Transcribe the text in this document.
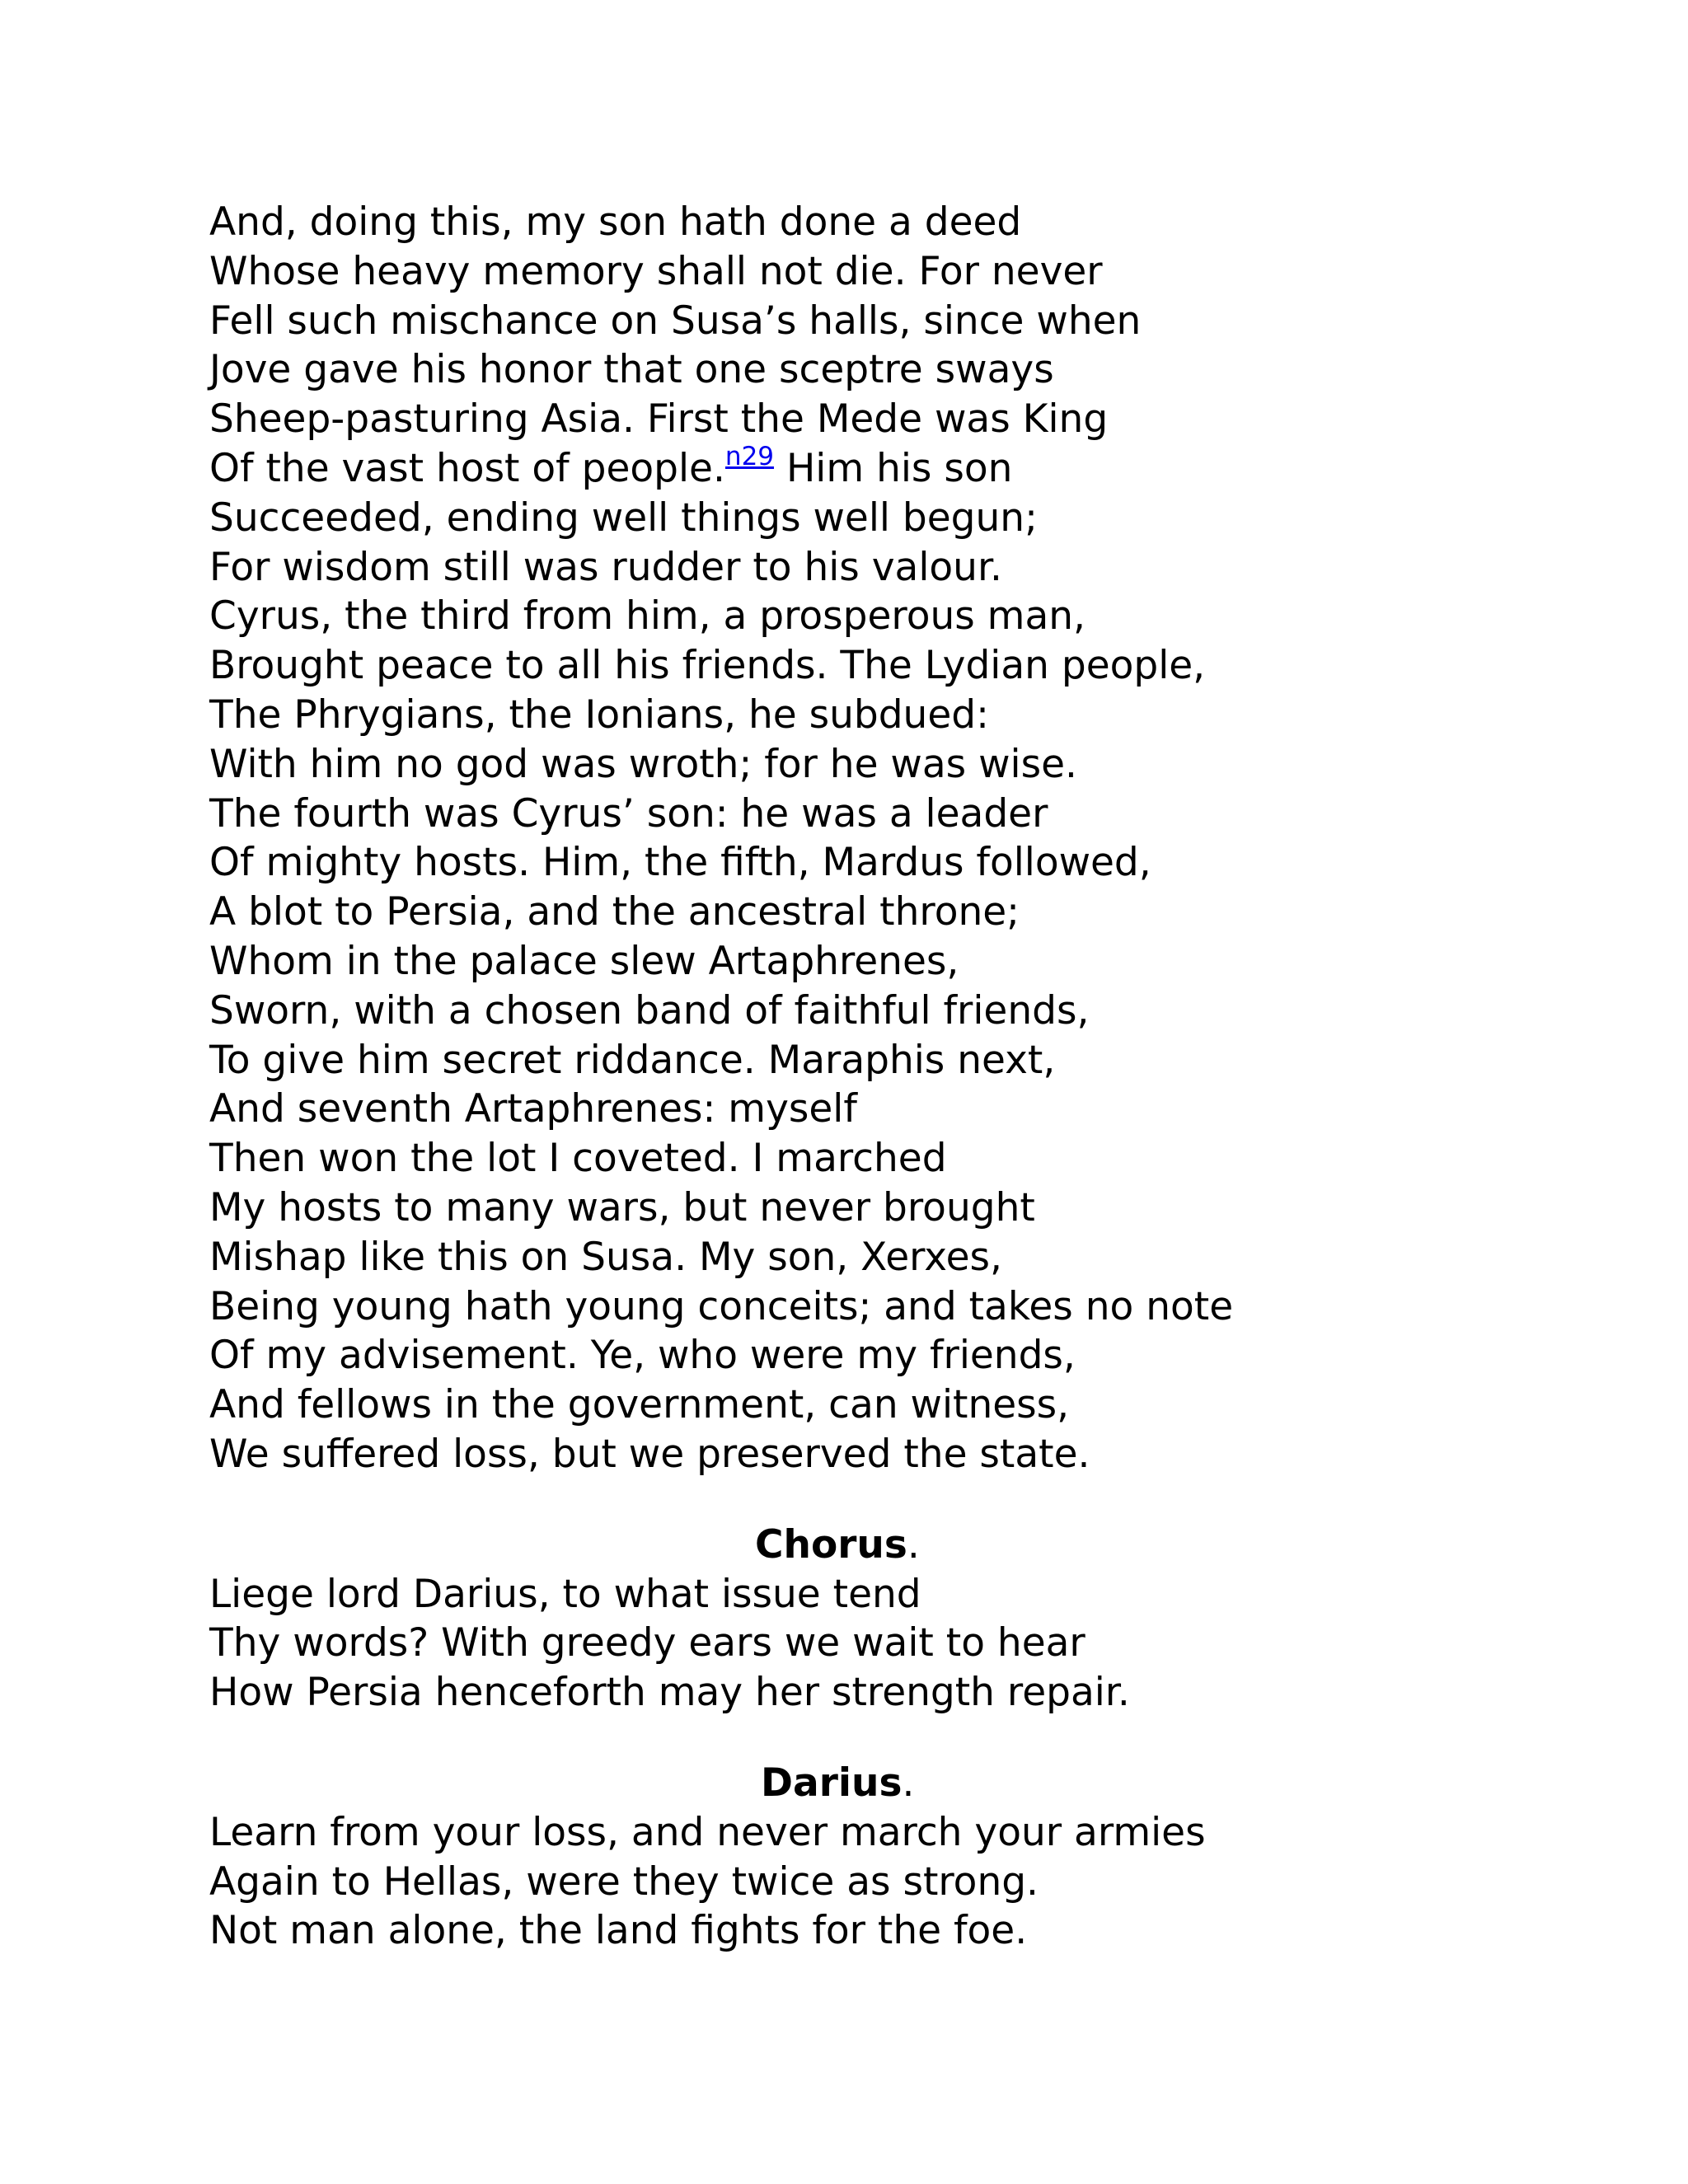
And, doing this, my son hath done a deed
Whose heavy memory shall not die. For never
Fell such mischance on Susa’s halls, since when
Jove gave his honor that one sceptre sways
Sheep-pasturing Asia. First the Mede was King
Of the vast host of people.$^{n29}$ Him his son
Succeeded, ending well things well begun;
For wisdom still was rudder to his valour.
Cyrus, the third from him, a prosperous man,
Brought peace to all his friends. The Lydian people,
The Phrygians, the Ionians, he subdued:
With him no god was wroth; for he was wise.
The fourth was Cyrus’ son: he was a leader
Of mighty hosts. Him, the fifth, Mardus followed,
A blot to Persia, and the ancestral throne;
Whom in the palace slew Artaphrenes,
Sworn, with a chosen band of faithful friends,
To give him secret riddance. Maraphis next,
And seventh Artaphrenes: myself
Then won the lot I coveted. I marched
My hosts to many wars, but never brought
Mishap like this on Susa. My son, Xerxes,
Being young hath young conceits; and takes no note
Of my advisement. Ye, who were my friends,
And fellows in the government, can witness,
We suffered loss, but we preserved the state.
Chorus.
Liege lord Darius, to what issue tend
Thy words? With greedy ears we wait to hear
How Persia henceforth may her strength repair.
Darius.
Learn from your loss, and never march your armies
Again to Hellas, were they twice as strong.
Not man alone, the land fights for the foe.
